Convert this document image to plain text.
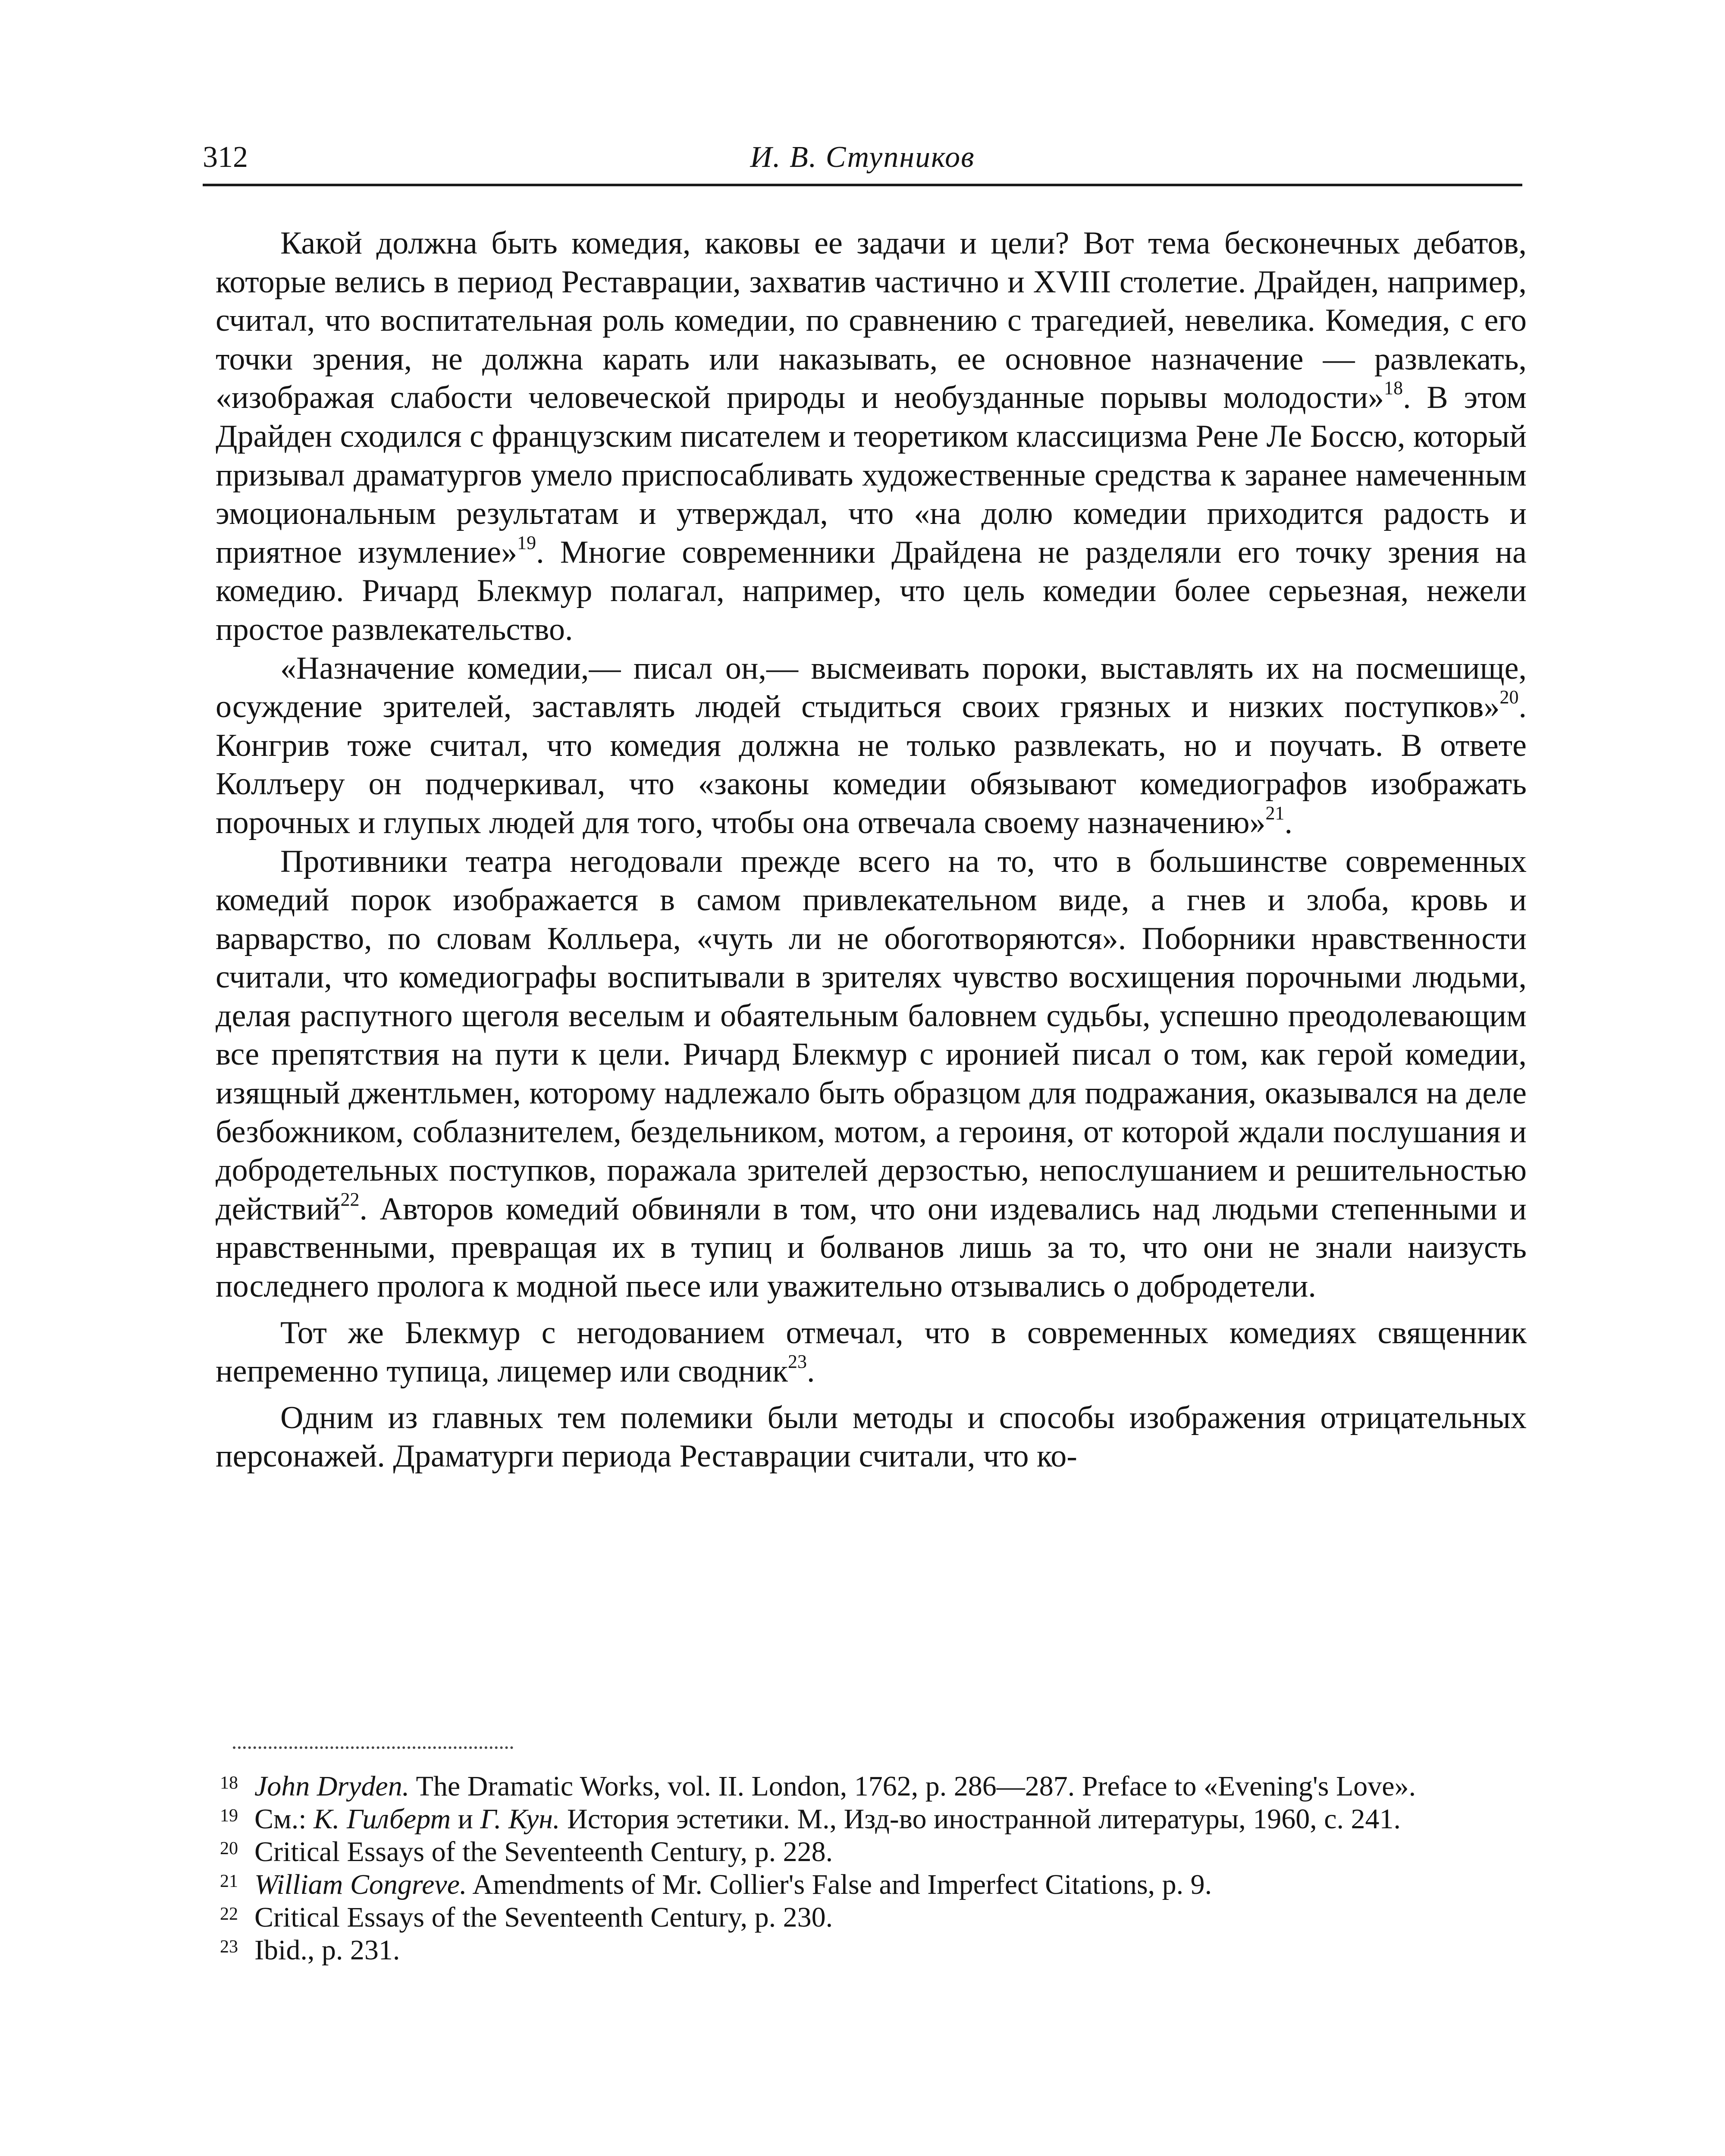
312	И. В. Ступников

Какой должна быть комедия, каковы ее задачи и цели? Вот тема бесконечных дебатов, которые велись в период Реставрации, захватив частично и XVIII столетие. Драйден, например, считал, что воспитательная роль комедии, по сравнению с трагедией, невелика. Комедия, с его точки зрения, не должна карать или наказывать, ее основное назначение — развлекать, «изображая слабости человеческой природы и необузданные порывы молодости»$^{18}$. В этом Драйден сходился с французским писателем и теоретиком классицизма Рене Ле Боссю, который призывал драматургов умело приспосабливать художественные средства к заранее намеченным эмоциональным результатам и утверждал, что «на долю комедии приходится радость и приятное изумление»$^{19}$. Многие современники Драйдена не разделяли его точку зрения на комедию. Ричард Блекмур полагал, например, что цель комедии более серьезная, нежели простое развлекательство.

«Назначение комедии,— писал он,— высмеивать пороки, выставлять их на посмешище, осуждение зрителей, заставлять людей стыдиться своих грязных и низких поступков»$^{20}$. Конгрив тоже считал, что комедия должна не только развлекать, но и поучать. В ответе Коллъеру он подчеркивал, что «законы комедии обязывают комедиографов изображать порочных и глупых людей для того, чтобы она отвечала своему назначению»$^{21}$.

Противники театра негодовали прежде всего на то, что в большинстве современных комедий порок изображается в самом привлекательном виде, а гнев и злоба, кровь и варварство, по словам Колльера, «чуть ли не обоготворяются». Поборники нравственности считали, что комедиографы воспитывали в зрителях чувство восхищения порочными людьми, делая распутного щеголя веселым и обаятельным баловнем судьбы, успешно преодолевающим все препятствия на пути к цели. Ричард Блекмур с иронией писал о том, как герой комедии, изящный джентльмен, которому надлежало быть образцом для подражания, оказывался на деле безбожником, соблазнителем, бездельником, мотом, а героиня, от которой ждали послушания и добродетельных поступков, поражала зрителей дерзостью, непослушанием и решительностью действий$^{22}$. Авторов комедий обвиняли в том, что они издевались над людьми степенными и нравственными, превращая их в тупиц и болванов лишь за то, что они не знали наизусть последнего пролога к модной пьесе или уважительно отзывались о добродетели.

Тот же Блекмур с негодованием отмечал, что в современных комедиях священник непременно тупица, лицемер или сводник$^{23}$.

Одним из главных тем полемики были методы и способы изображения отрицательных персонажей. Драматурги периода Реставрации считали, что ко-

18 John Dryden. The Dramatic Works, vol. II. London, 1762, p. 286—287. Preface to «Evening's Love».
19 См.: К. Гилберт и Г. Кун. История эстетики. М., Изд-во иностранной литературы, 1960, с. 241.
20 Critical Essays of the Seventeenth Century, p. 228.
21 William Congreve. Amendments of Mr. Collier's False and Imperfect Citations, p. 9.
22 Critical Essays of the Seventeenth Century, p. 230.
23 Ibid., p. 231.
